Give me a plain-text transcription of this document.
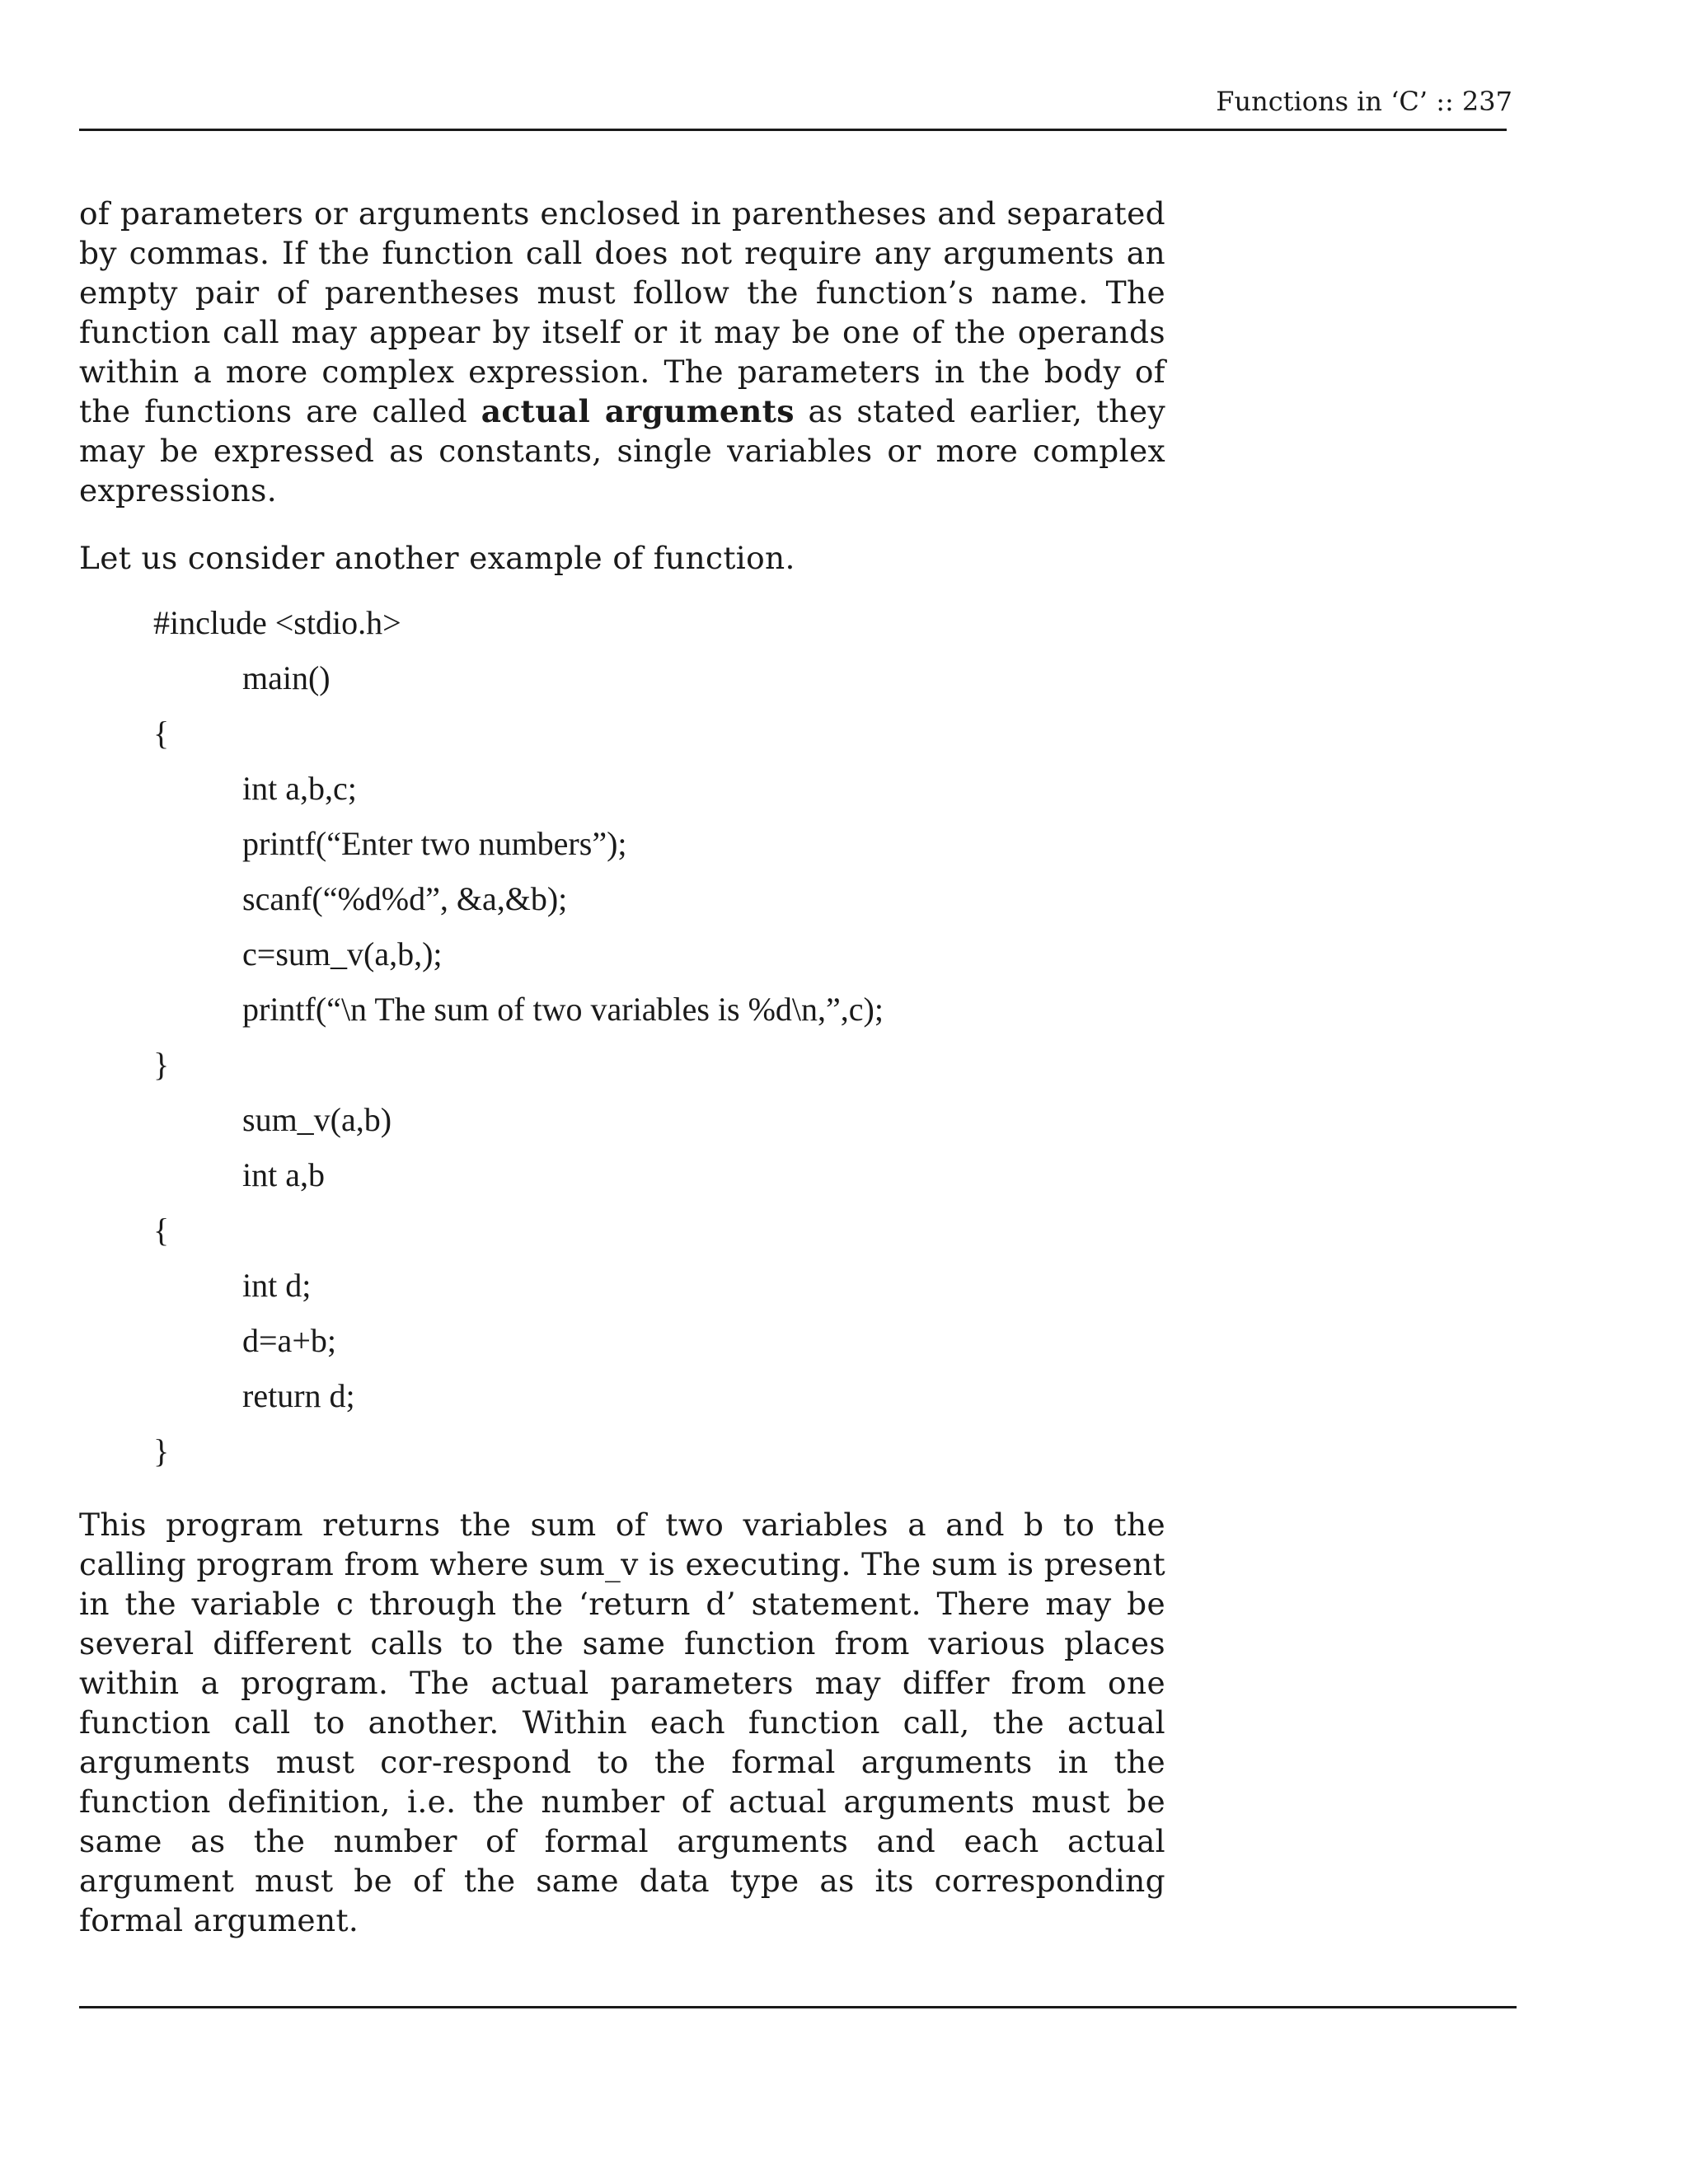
Functions in ‘C’ :: 237

of parameters or arguments enclosed in parentheses and separated by commas. If the function call does not require any arguments an empty pair of parentheses must follow the function’s name. The function call may appear by itself or it may be one of the operands within a more complex expression. The parameters in the body of the functions are called actual arguments as stated earlier, they may be expressed as constants, single variables or more complex expressions.

Let us consider another example of function.

#include <stdio.h>

main()

{

int a,b,c;

printf(“Enter two numbers”);

scanf(“%d%d”, &a,&b);

c=sum_v(a,b,);

printf(“\n The sum of two variables is %d\n,”,c);

}

sum_v(a,b)

int a,b

{

int d;

d=a+b;

return d;

}

This program returns the sum of two variables a and b to the calling program from where sum_v is executing. The sum is present in the variable c through the ‘return d’ statement. There may be several different calls to the same function from various places within a program. The actual parameters may differ from one function call to another. Within each function call, the actual arguments must cor-respond to the formal arguments in the function definition, i.e. the number of actual arguments must be same as the number of formal arguments and each actual argument must be of the same data type as its corresponding formal argument.
